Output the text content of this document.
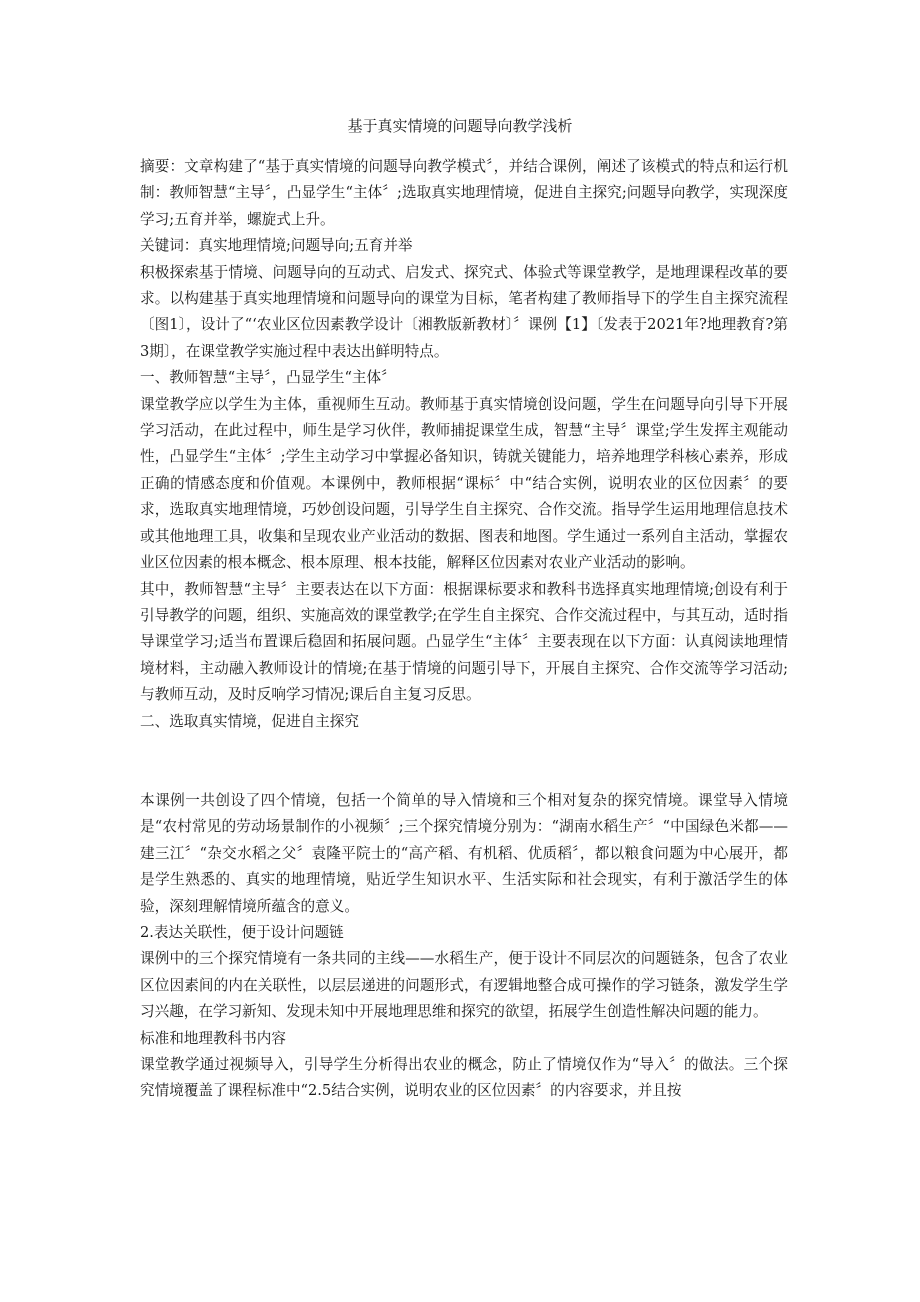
基于真实情境的问题导向教学浅析

摘要：文章构建了“基于真实情境的问题导向教学模式〞，并结合课例，阐述了该模式的特点和运行机制：教师智慧“主导〞，凸显学生“主体〞;选取真实地理情境，促进自主探究;问题导向教学，实现深度学习;五育并举，螺旋式上升。

关键词：真实地理情境;问题导向;五育并举

积极探索基于情境、问题导向的互动式、启发式、探究式、体验式等课堂教学，是地理课程改革的要求。以构建基于真实地理情境和问题导向的课堂为目标，笔者构建了教师指导下的学生自主探究流程〔图1〕，设计了“‘农业区位因素教学设计〔湘教版新教材〕〞课例【1】〔发表于2021年?地理教育?第3期〕，在课堂教学实施过程中表达出鲜明特点。

一、教师智慧“主导〞，凸显学生“主体〞

课堂教学应以学生为主体，重视师生互动。教师基于真实情境创设问题，学生在问题导向引导下开展学习活动，在此过程中，师生是学习伙伴，教师捕捉课堂生成，智慧“主导〞课堂;学生发挥主观能动性，凸显学生“主体〞;学生主动学习中掌握必备知识，铸就关键能力，培养地理学科核心素养，形成正确的情感态度和价值观。本课例中，教师根据“课标〞中“结合实例，说明农业的区位因素〞的要求，选取真实地理情境，巧妙创设问题，引导学生自主探究、合作交流。指导学生运用地理信息技术或其他地理工具，收集和呈现农业产业活动的数据、图表和地图。学生通过一系列自主活动，掌握农业区位因素的根本概念、根本原理、根本技能，解释区位因素对农业产业活动的影响。

其中，教师智慧“主导〞主要表达在以下方面：根据课标要求和教科书选择真实地理情境;创设有利于引导教学的问题，组织、实施高效的课堂教学;在学生自主探究、合作交流过程中，与其互动，适时指导课堂学习;适当布置课后稳固和拓展问题。凸显学生“主体〞主要表现在以下方面：认真阅读地理情境材料，主动融入教师设计的情境;在基于情境的问题引导下，开展自主探究、合作交流等学习活动;与教师互动，及时反响学习情况;课后自主复习反思。

二、选取真实情境，促进自主探究

本课例一共创设了四个情境，包括一个简单的导入情境和三个相对复杂的探究情境。课堂导入情境是“农村常见的劳动场景制作的小视频〞;三个探究情境分别为：“湖南水稻生产〞“中国绿色米都——建三江〞“杂交水稻之父〞袁隆平院士的“高产稻、有机稻、优质稻〞，都以粮食问题为中心展开，都是学生熟悉的、真实的地理情境，贴近学生知识水平、生活实际和社会现实，有利于激活学生的体验，深刻理解情境所蕴含的意义。

2.表达关联性，便于设计问题链

课例中的三个探究情境有一条共同的主线——水稻生产，便于设计不同层次的问题链条，包含了农业区位因素间的内在关联性，以层层递进的问题形式，有逻辑地整合成可操作的学习链条，激发学生学习兴趣，在学习新知、发现未知中开展地理思维和探究的欲望，拓展学生创造性解决问题的能力。

标准和地理教科书内容

课堂教学通过视频导入，引导学生分析得出农业的概念，防止了情境仅作为“导入〞的做法。三个探究情境覆盖了课程标准中“2.5结合实例，说明农业的区位因素〞的内容要求，并且按
